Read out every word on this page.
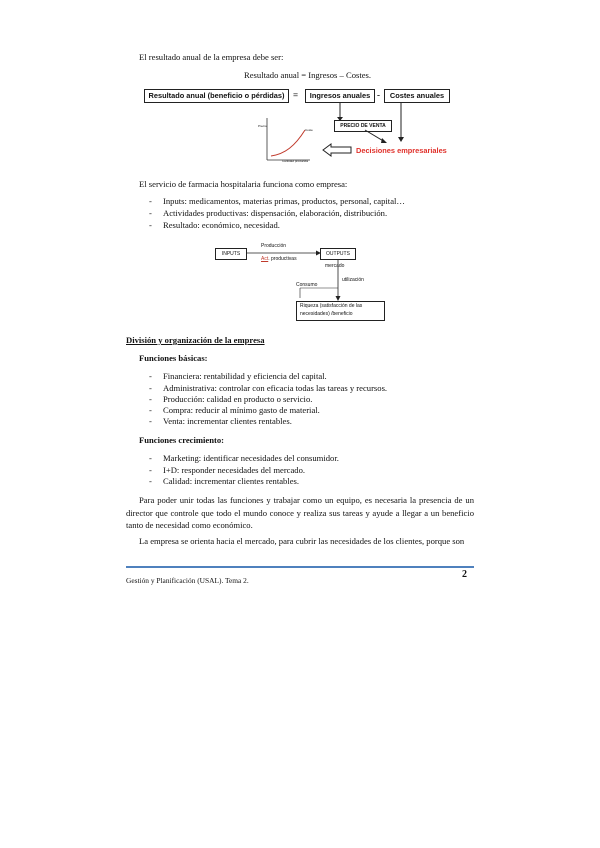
El resultado anual de la empresa debe ser:
Resultado anual = Ingresos – Costes.
Resultado anual (beneficio o pérdidas) =	Ingresos anuales -	Costes anuales
Precio
Cantidad producida
Coste
PRECIO DE VENTA
Decisiones empresariales
El servicio de farmacia hospitalaria funciona como empresa:
- Inputs: medicamentos, materias primas, productos, personal, capital…
- Actividades productivas: dispensación, elaboración, distribución.
- Resultado: económico, necesidad.
INPUTS
Producción
Act. productivas
OUTPUTS
mercado
utilización
Consumo
Riqueza (satisfacción de las necesidades) /beneficio
División y organización de la empresa
Funciones básicas:
- Financiera: rentabilidad y eficiencia del capital.
- Administrativa: controlar con eficacia todas las tareas y recursos.
- Producción: calidad en producto o servicio.
- Compra: reducir al mínimo gasto de material.
- Venta: incrementar clientes rentables.
Funciones crecimiento:
- Marketing: identificar necesidades del consumidor.
- I+D: responder necesidades del mercado.
- Calidad: incrementar clientes rentables.
Para poder unir todas las funciones y trabajar como un equipo, es necesaria la presencia de un director que controle que todo el mundo conoce y realiza sus tareas y ayude a llegar a un beneficio tanto de necesidad como económico.
La empresa se orienta hacia el mercado, para cubrir las necesidades de los clientes, porque son
2
Gestión y Planificación (USAL). Tema 2.
